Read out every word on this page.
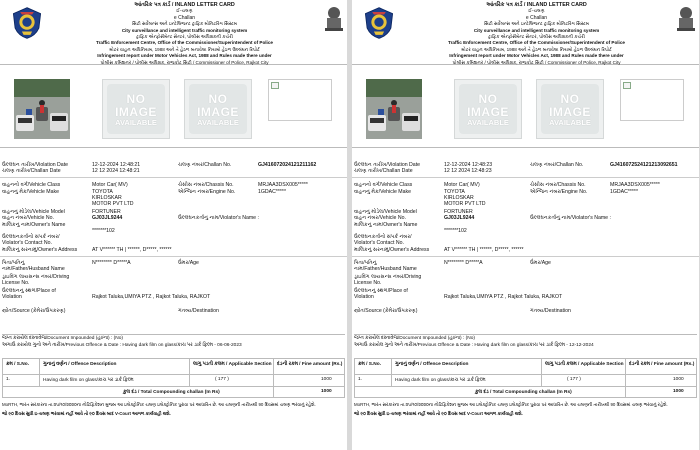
આંતરિક પત્ર કાર્ડ / INLAND LETTER CARD
ઈ-ચલણ
e Challan
સિટી સર્વેલન્સ અને ઇન્ટેલિજન્ટ ટ્રાફિક મોનિટરિંગ સિસ્ટમ
City surveillance and intelligent traffic monitoring system
ટ્રાફિક એન્ફોર્સમેન્ટ સેન્ટર, પોલીસ અધિક્ષકની કચેરી
Traffic Enforcement Centre, Office of the Commissioner/Superintendent of Police
મોટર વાહન અધિનિયમ, 1988 અને તે હેઠળ બનાવેલા નિયમો હેઠળ ઉલ્લંઘન રિપોર્ટ
Infringement report under Motor Vehicles Act, 1988 and Rules made there under
પોલીસ કમિશનર / પોલીસ અધિક્ષક, રાજકોટ સિટી / Commissioner of Police, Rajkot City
NO
IMAGE
AVAILABLE
NO
IMAGE
AVAILABLE
ઉલ્લંઘન તારીખ/Violation Date	12-12-2024 12:48:21
ચલણ તારીખ/Challan Date	12 12 2024 12:48:21
ચલણ નંબર/Challan No.	GJ416072024121211162
વાહનનો વર્ગ/Vehicle Class	Motor Car( MV)	ચેસીસ નંબર/Chassis No.	MRJAA3DSX005*****
વાહનનું મેક/Vehicle Make	TOYOTA
KIRLOSKAR
MOTOR PVT LTD
એન્જિન નંબર/Engine No.	1GDAC*****
વાહનનું મોડેલ/Vehicle Model	FORTUNER
વાહન નંબર/Vehicle No.	GJ03JL9244	ઉલ્લંઘનકર્તાનું નામ/Violator's Name :
માલિકનું નામ/Owner's Name
*******102
ઉલ્લંઘનકર્તાનો સંપર્ક નંબર/ Violator's Contact No.
માલિકનું સરનામું/Owner's Address	AT V****** TH | ******, D*****, ******
પિતા/પતિનું નામ/Father/Husband Name
N******** D*****A	ઉંમર/Age
ડ્રાઇવિંગ લાયસન્સ નંબર/Driving License No.
ઉલ્લંઘનનું સ્થળ/Place of Violation	Rajkot Taluka,UMIYA PTZ , Rajkot Taluka, RAJKOT
સ્ત્રોત/Source (કેમેરા/ઉપકરણ)	ગંતવ્ય/Destination
જપ્ત કરાયેલ દસ્તાવેજ/Document Impounded (હા/ના) : (No)
અગાઉ કરાયેલ ગુનો અને તારીખ/Previous Offence & Date : Having dark film on glass/કાચ પર ડાર્ક ફિલ્મ - 06-06-2023
ક્રમ / S.No.	ગુનાનું વર્ણન / Offence Description	લાગુ પડતી કલમ / Applicable Section દંડની રકમ / Fine amount (Rs.)
1.	Having dark film on glass/કાચ પર ડાર્ક ફિલ્મ	( 177 )	1000
કુલ દંડ / Total Compounding challan (In Rs)	1000

MoRTH, ભારત સરકારના તા.૨૫/૧૦/૨૦૨૦ના નોટિફિકેશન મુજબ આ ઇલેક્ટ્રોનિક ચલણ ઇલેક્ટ્રોનિક પુરાવા પર આધારિત છે. આ ચલણની તારીખથી 90 દિવસમાં ચલણ ભરવાનું રહેશે.

જો ૯૦ દિવસ સુધી ઇ-ચલણ ભરવામાં નહીં આવે તો ૯૦ દિવસ બાદ V-Court આગળ કાર્યવાહી થશે.

આંતરિક પત્ર કાર્ડ / INLAND LETTER CARD
ઈ-ચલણ
e Challan
સિટી સર્વેલન્સ અને ઇન્ટેલિજન્ટ ટ્રાફિક મોનિટરિંગ સિસ્ટમ
City surveillance and intelligent traffic monitoring system
ટ્રાફિક એન્ફોર્સમેન્ટ સેન્ટર, પોલીસ અધિક્ષકની કચેરી
Traffic Enforcement Centre, Office of the Commissioner/Superintendent of Police
મોટર વાહન અધિનિયમ, 1988 અને તે હેઠળ બનાવેલા નિયમો હેઠળ ઉલ્લંઘન રિપોર્ટ
Infringement report under Motor Vehicles Act, 1988 and Rules made there under
પોલીસ કમિશનર / પોલીસ અધિક્ષક, રાજકોટ સિટી / Commissioner of Police, Rajkot City
NO
IMAGE
AVAILABLE
NO
IMAGE
AVAILABLE
ઉલ્લંઘન તારીખ/Violation Date	12-12-2024 12:48:23
ચલણ તારીખ/Challan Date	12 12 2024 12:48:23
ચલણ નંબર/Challan No.	GJ416072524121213092651
વાહનનો વર્ગ/Vehicle Class	Motor Car( MV)	ચેસીસ નંબર/Chassis No.	MRJAA3DSX005*****
વાહનનું મેક/Vehicle Make	TOYOTA
KIRLOSKAR
MOTOR PVT LTD
એન્જિન નંબર/Engine No.	1GDAC*****
વાહનનું મોડેલ/Vehicle Model	FORTUNER
વાહન નંબર/Vehicle No.	GJ03JL9244	ઉલ્લંઘનકર્તાનું નામ/Violator's Name :
માલિકનું નામ/Owner's Name
*******102
ઉલ્લંઘનકર્તાનો સંપર્ક નંબર/ Violator's Contact No.
માલિકનું સરનામું/Owner's Address	AT V****** TH | ******, D*****, ******
પિતા/પતિનું નામ/Father/Husband Name
N******** D*****A	ઉંમર/Age
ડ્રાઇવિંગ લાયસન્સ નંબર/Driving License No.
ઉલ્લંઘનનું સ્થળ/Place of Violation	Rajkot Taluka,UMIYA PTZ , Rajkot Taluka, RAJKOT
સ્ત્રોત/Source (કેમેરા/ઉપકરણ)	ગંતવ્ય/Destination
જપ્ત કરાયેલ દસ્તાવેજ/Document Impounded (હા/ના) : (No)
અગાઉ કરાયેલ ગુનો અને તારીખ/Previous Offence & Date : Having dark film on glass/કાચ પર ડાર્ક ફિલ્મ - 12-12-2024
ક્રમ / S.No.	ગુનાનું વર્ણન / Offence Description	લાગુ પડતી કલમ / Applicable Section દંડની રકમ / Fine amount (Rs.)
1.	Having dark film on glass/કાચ પર ડાર્ક ફિલ્મ	( 177 )	1000
કુલ દંડ / Total Compounding challan (In Rs)	1000

MoRTH, ભારત સરકારના તા.૨૫/૧૦/૨૦૨૦ના નોટિફિકેશન મુજબ આ ઇલેક્ટ્રોનિક ચલણ ઇલેક્ટ્રોનિક પુરાવા પર આધારિત છે. આ ચલણની તારીખથી 90 દિવસમાં ચલણ ભરવાનું રહેશે.

જો ૯૦ દિવસ સુધી ઇ-ચલણ ભરવામાં નહીં આવે તો ૯૦ દિવસ બાદ V-Court આગળ કાર્યવાહી થશે.
